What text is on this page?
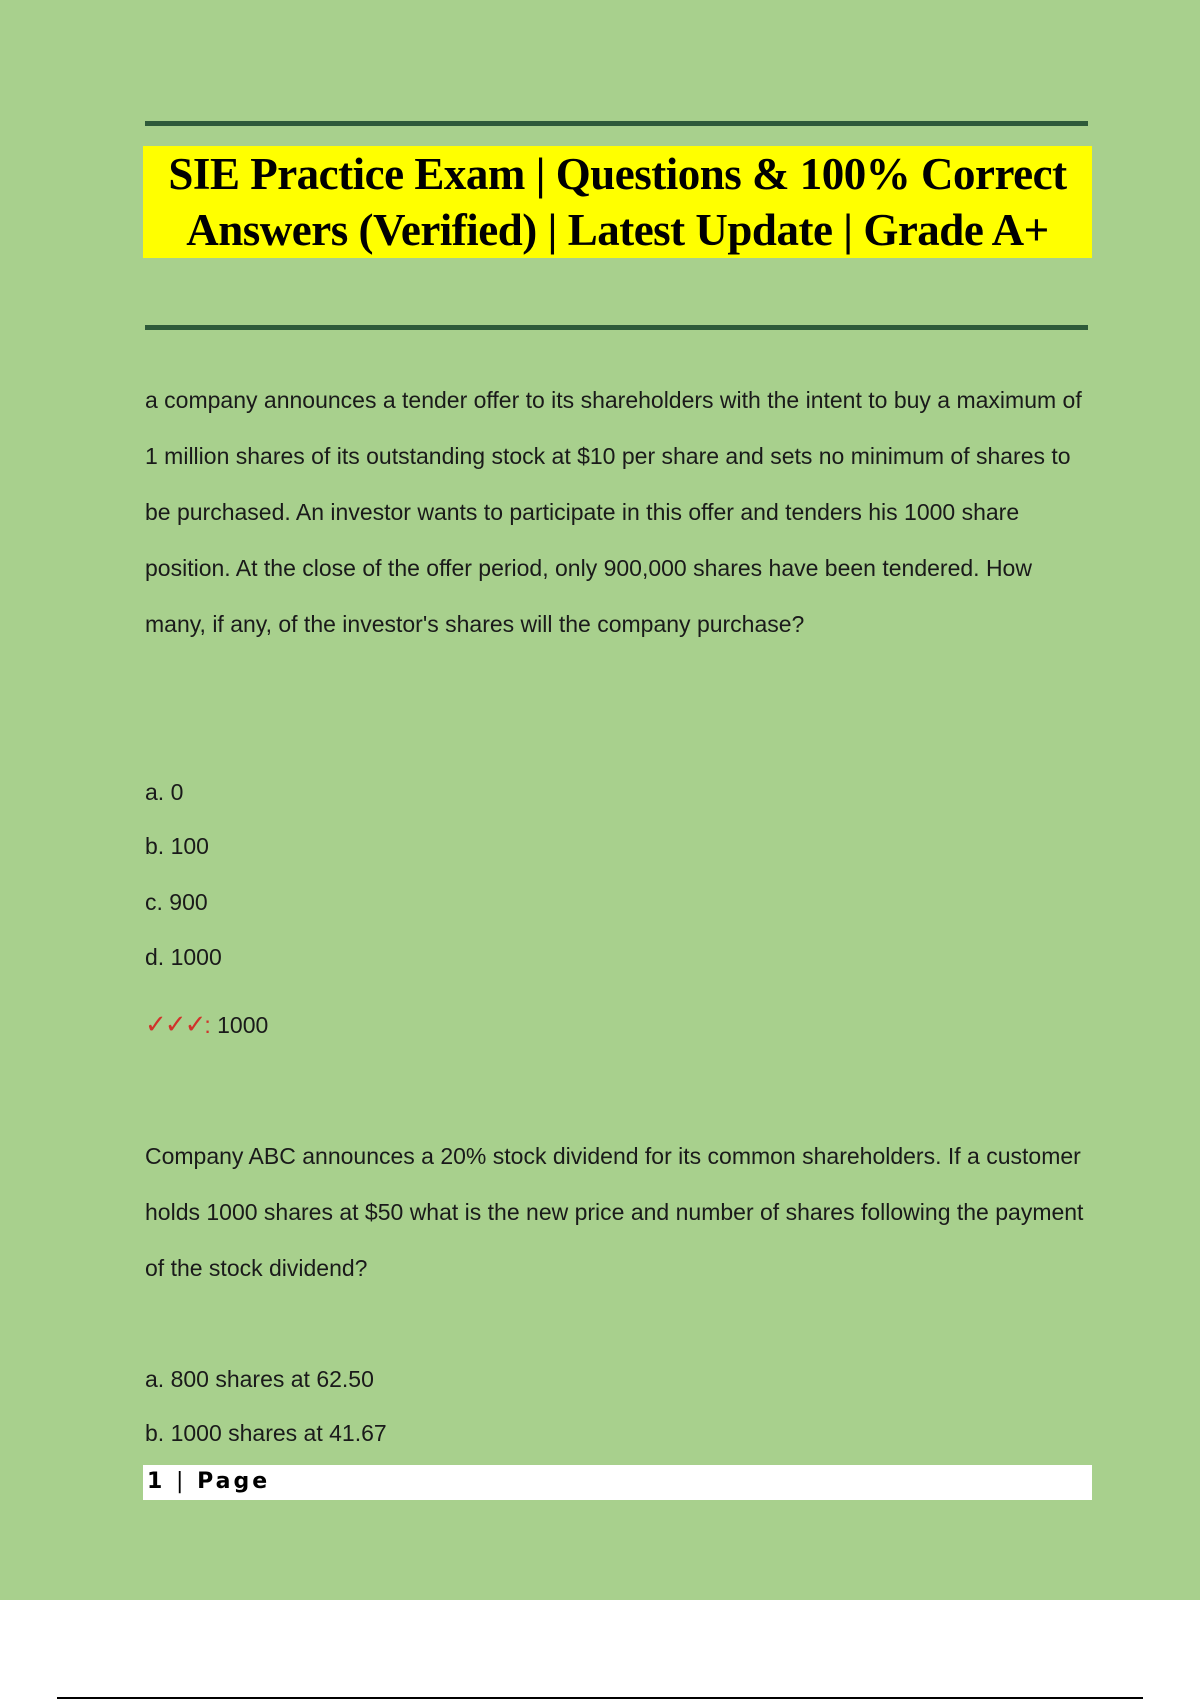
SIE Practice Exam | Questions & 100% Correct Answers (Verified) | Latest Update | Grade A+
a company announces a tender offer to its shareholders with the intent to buy a maximum of 1 million shares of its outstanding stock at $10 per share and sets no minimum of shares to be purchased. An investor wants to participate in this offer and tenders his 1000 share position. At the close of the offer period, only 900,000 shares have been tendered. How many, if any, of the investor's shares will the company purchase?
a. 0
b. 100
c. 900
d. 1000
✓✓✓: 1000
Company ABC announces a 20% stock dividend for its common shareholders. If a customer holds 1000 shares at $50 what is the new price and number of shares following the payment of the stock dividend?
a. 800 shares at 62.50
b. 1000 shares at 41.67
1 | Page
